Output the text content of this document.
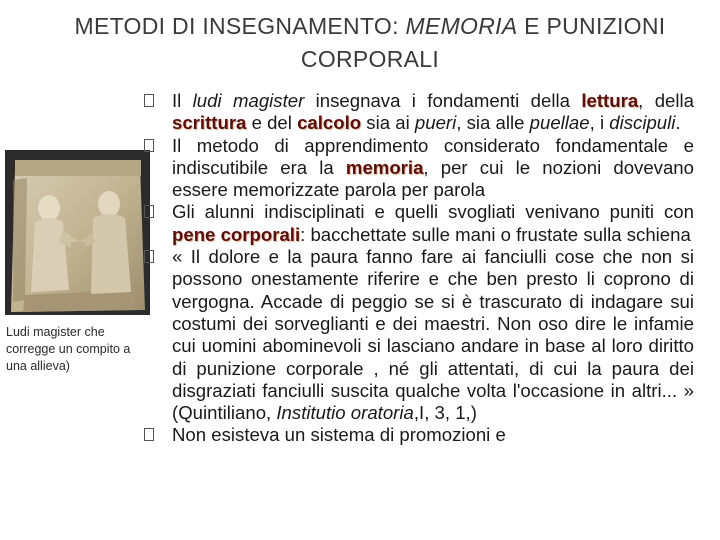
METODI DI INSEGNAMENTO: MEMORIA E PUNIZIONI CORPORALI
Ludi magister che corregge un compito a una allieva)

Il ludi magister insegnava i fondamenti della lettura, della scrittura e del calcolo sia ai pueri, sia alle puellae, i discipuli.

Il metodo di apprendimento considerato fondamentale e indiscutibile era la memoria, per cui le nozioni dovevano essere memorizzate parola per parola

Gli alunni indisciplinati e quelli svogliati venivano puniti con pene corporali: bacchettate sulle mani o frustate sulla schiena

« Il dolore e la paura fanno fare ai fanciulli cose che non si possono onestamente riferire e che ben presto li coprono di vergogna. Accade di peggio se si è trascurato di indagare sui costumi dei sorveglianti e dei maestri. Non oso dire le infamie cui uomini abominevoli si lasciano andare in base al loro diritto di punizione corporale , né gli attentati, di cui la paura dei disgraziati fanciulli suscita qualche volta l'occasione in altri... » (Quintiliano, Institutio oratoria,I, 3, 1,)

Non esisteva un sistema di promozioni e
